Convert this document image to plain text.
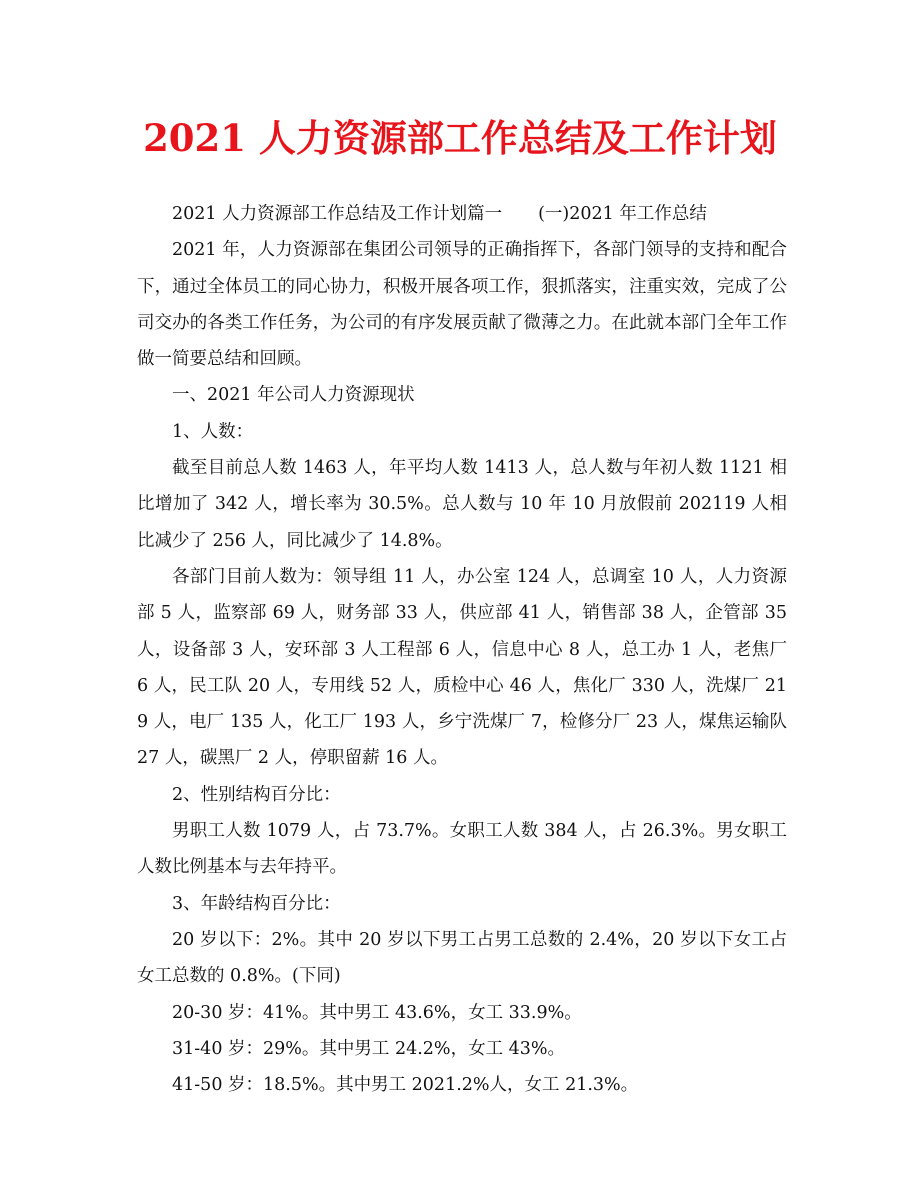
2021 人力资源部工作总结及工作计划

2021 人力资源部工作总结及工作计划篇一 (一)2021 年工作总结

2021 年，人力资源部在集团公司领导的正确指挥下，各部门领导的支持和配合下，通过全体员工的同心协力，积极开展各项工作，狠抓落实，注重实效，完成了公司交办的各类工作任务，为公司的有序发展贡献了微薄之力。在此就本部门全年工作做一简要总结和回顾。

一、2021 年公司人力资源现状

1、人数：

截至目前总人数 1463 人，年平均人数 1413 人，总人数与年初人数 1121 相比增加了 342 人，增长率为 30.5%。总人数与 10 年 10 月放假前 202119 人相比减少了 256 人，同比减少了 14.8%。

各部门目前人数为：领导组 11 人，办公室 124 人，总调室 10 人，人力资源部 5 人，监察部 69 人，财务部 33 人，供应部 41 人，销售部 38 人，企管部 35 人，设备部 3 人，安环部 3 人工程部 6 人，信息中心 8 人，总工办 1 人，老焦厂 6 人，民工队 20 人，专用线 52 人，质检中心 46 人，焦化厂 330 人，洗煤厂 219 人，电厂 135 人，化工厂 193 人，乡宁洗煤厂 7，检修分厂 23 人，煤焦运输队 27 人，碳黑厂 2 人，停职留薪 16 人。

2、性别结构百分比：

男职工人数 1079 人，占 73.7%。女职工人数 384 人，占 26.3%。男女职工人数比例基本与去年持平。

3、年龄结构百分比：

20 岁以下：2%。其中 20 岁以下男工占男工总数的 2.4%，20 岁以下女工占女工总数的 0.8%。(下同)

20-30 岁：41%。其中男工 43.6%，女工 33.9%。

31-40 岁：29%。其中男工 24.2%，女工 43%。

41-50 岁：18.5%。其中男工 2021.2%人，女工 21.3%。
